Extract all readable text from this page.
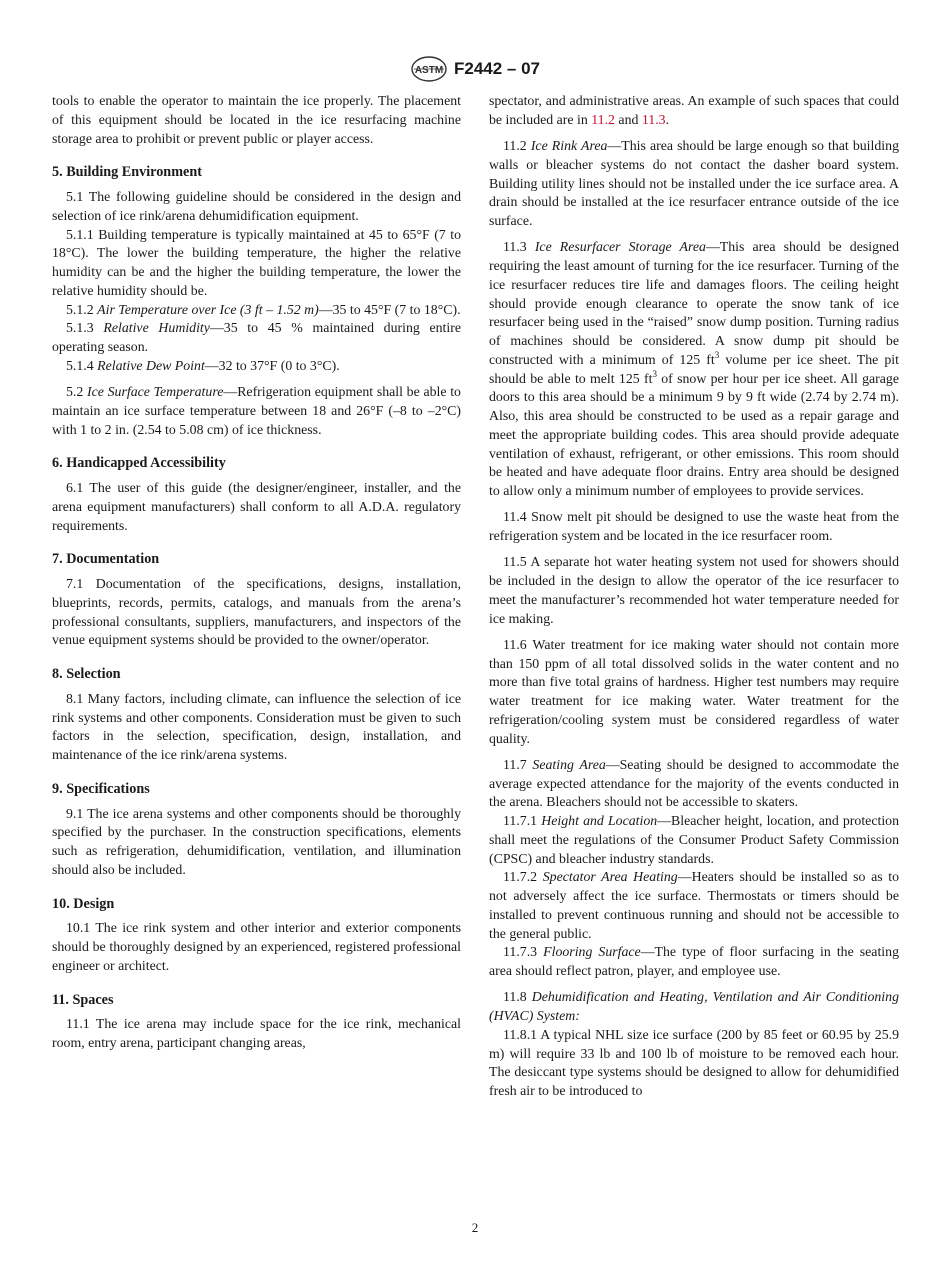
ASTM F2442 – 07

tools to enable the operator to maintain the ice properly. The placement of this equipment should be located in the ice resurfacing machine storage area to prohibit or prevent public or player access.

5. Building Environment

5.1 The following guideline should be considered in the design and selection of ice rink/arena dehumidification equipment.

5.1.1 Building temperature is typically maintained at 45 to 65°F (7 to 18°C). The lower the building temperature, the higher the relative humidity can be and the higher the building temperature, the lower the relative humidity should be.

5.1.2 Air Temperature over Ice (3 ft – 1.52 m)—35 to 45°F (7 to 18°C).

5.1.3 Relative Humidity—35 to 45 % maintained during entire operating season.

5.1.4 Relative Dew Point—32 to 37°F (0 to 3°C).

5.2 Ice Surface Temperature—Refrigeration equipment shall be able to maintain an ice surface temperature between 18 and 26°F (–8 to –2°C) with 1 to 2 in. (2.54 to 5.08 cm) of ice thickness.

6. Handicapped Accessibility

6.1 The user of this guide (the designer/engineer, installer, and the arena equipment manufacturers) shall conform to all A.D.A. regulatory requirements.

7. Documentation

7.1 Documentation of the specifications, designs, installation, blueprints, records, permits, catalogs, and manuals from the arena’s professional consultants, suppliers, manufacturers, and inspectors of the venue equipment systems should be provided to the owner/operator.

8. Selection

8.1 Many factors, including climate, can influence the selection of ice rink systems and other components. Consideration must be given to such factors in the selection, specification, design, installation, and maintenance of the ice rink/arena systems.

9. Specifications

9.1 The ice arena systems and other components should be thoroughly specified by the purchaser. In the construction specifications, elements such as refrigeration, dehumidification, ventilation, and illumination should also be included.

10. Design

10.1 The ice rink system and other interior and exterior components should be thoroughly designed by an experienced, registered professional engineer or architect.

11. Spaces

11.1 The ice arena may include space for the ice rink, mechanical room, entry arena, participant changing areas,

spectator, and administrative areas. An example of such spaces that could be included are in 11.2 and 11.3.

11.2 Ice Rink Area—This area should be large enough so that building walls or bleacher systems do not contact the dasher board system. Building utility lines should not be installed under the ice surface area. A drain should be installed at the ice resurfacer entrance outside of the ice surface.

11.3 Ice Resurfacer Storage Area—This area should be designed requiring the least amount of turning for the ice resurfacer. Turning of the ice resurfacer reduces tire life and damages floors. The ceiling height should provide enough clearance to operate the snow tank of ice resurfacer being used in the “raised” snow dump position. Turning radius of machines should be considered. A snow dump pit should be constructed with a minimum of 125 $ft^3$ volume per ice sheet. The pit should be able to melt 125 $ft^3$ of snow per hour per ice sheet. All garage doors to this area should be a minimum 9 by 9 ft wide (2.74 by 2.74 m). Also, this area should be constructed to be used as a repair garage and meet the appropriate building codes. This area should provide adequate ventilation of exhaust, refrigerant, or other emissions. This room should be heated and have adequate floor drains. Entry area should be designed to allow only a minimum number of employees to provide services.

11.4 Snow melt pit should be designed to use the waste heat from the refrigeration system and be located in the ice resurfacer room.

11.5 A separate hot water heating system not used for showers should be included in the design to allow the operator of the ice resurfacer to meet the manufacturer’s recommended hot water temperature needed for ice making.

11.6 Water treatment for ice making water should not contain more than 150 ppm of all total dissolved solids in the water content and no more than five total grains of hardness. Higher test numbers may require water treatment for ice making water. Water treatment for the refrigeration/cooling system must be considered regardless of water quality.

11.7 Seating Area—Seating should be designed to accommodate the average expected attendance for the majority of the events conducted in the arena. Bleachers should not be accessible to skaters.

11.7.1 Height and Location—Bleacher height, location, and protection shall meet the regulations of the Consumer Product Safety Commission (CPSC) and bleacher industry standards.

11.7.2 Spectator Area Heating—Heaters should be installed so as to not adversely affect the ice surface. Thermostats or timers should be installed to prevent continuous running and should not be accessible to the general public.

11.7.3 Flooring Surface—The type of floor surfacing in the seating area should reflect patron, player, and employee use.

11.8 Dehumidification and Heating, Ventilation and Air Conditioning (HVAC) System:

11.8.1 A typical NHL size ice surface (200 by 85 feet or 60.95 by 25.9 m) will require 33 lb and 100 lb of moisture to be removed each hour. The desiccant type systems should be designed to allow for dehumidified fresh air to be introduced to

2
